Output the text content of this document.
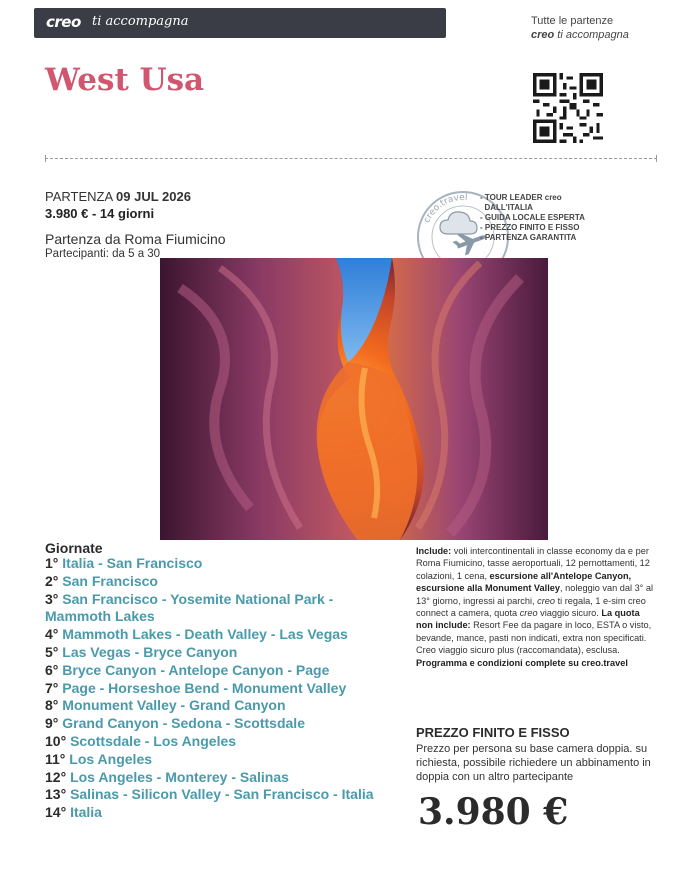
creo ti accompagna	Tutte le partenze
creo ti accompagna
West Usa
PARTENZA 09 JUL 2026
3.980 € - 14 giorni
Partenza da Roma Fiumicino
Partecipanti: da 5 a 30
creo.travel - TOUR LEADER creo
DALL'ITALIA
- GUIDA LOCALE ESPERTA
- PREZZO FINITO E FISSO
- PARTENZA GARANTITA
Giornate
1° Italia - San Francisco
2° San Francisco
3° San Francisco - Yosemite National Park -
Mammoth Lakes
4° Mammoth Lakes - Death Valley - Las Vegas
5° Las Vegas - Bryce Canyon
6° Bryce Canyon - Antelope Canyon - Page
7° Page - Horseshoe Bend - Monument Valley
8° Monument Valley - Grand Canyon
9° Grand Canyon - Sedona - Scottsdale
10° Scottsdale - Los Angeles
11° Los Angeles
12° Los Angeles - Monterey - Salinas
13° Salinas - Silicon Valley - San Francisco - Italia
14° Italia
Include: voli intercontinentali in classe economy da e per Roma Fiumicino, tasse aeroportuali, 12 pernottamenti, 12 colazioni, 1 cena, escursione all'Antelope Canyon, escursione alla Monument Valley, noleggio van dal 3° al 13° giorno, ingressi ai parchi, creo ti regala, 1 e-sim creo connect a camera, quota creo viaggio sicuro. La quota non include: Resort Fee da pagare in loco, ESTA o visto, bevande, mance, pasti non indicati, extra non specificati. Creo viaggio sicuro plus (raccomandata), esclusa. Programma e condizioni complete su creo.travel
PREZZO FINITO E FISSO
Prezzo per persona su base camera doppia. su richiesta, possibile richiedere un abbinamento in doppia con un altro partecipante
3.980 €
